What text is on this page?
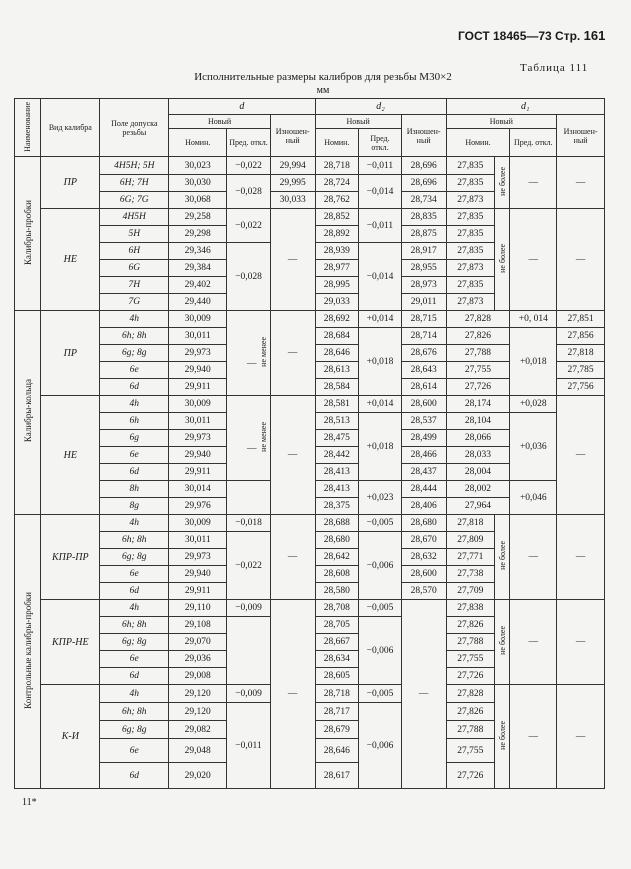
ГОСТ 18465—73 Стр. 161
Таблица 111
Исполнительные размеры калибров для резьбы М30×2
мм
Наименование	Вид калибра	Поле допуска резьбы	d			d₂			d₁			
			Новый		Изношен-ный	Новый		Изношен-ный	Новый			Изношен-ный
			Номин.	Пред. откл.		Номин.	Пред. откл.		Номин.		Пред. откл.	
Калибры-пробки	ПР	4H5H; 5H	30,023	−0,022	29,994	28,718	−0,011	28,696	27,835	не более	—	—
		6H; 7H	30,030	−0,028	29,995	28,724	−0,014	28,696	27,835			
		6G; 7G	30,068		30,033	28,762		28,734	27,873			
	НЕ	4H5H	29,258	−0,022	—	28,852	−0,011	28,835	27,835	не более	—	—
		5H	29,298			28,892		28,875	27,835			
		6H	29,346	−0,028		28,939	−0,014	28,917	27,835			
		6G	29,384			28,977		28,955	27,873			
		7H	29,402			28,995		28,973	27,835			
		7G	29,440			29,033		29,011	27,873			
Калибры-кольца	ПР	4h	30,009	— не менее	—	28,692	+0,014	28,715	27,828		+0, 014	27,851
		6h; 8h	30,011			28,684	+0,018	28,714	27,826		+0,018	27,856
		6g; 8g	29,973			28,646		28,676	27,788			27,818
		6e	29,940			28,613		28,643	27,755			27,785
		6d	29,911			28,584		28,614	27,726			27,756
	НЕ	4h	30,009	— не менее	—	28,581	+0,014	28,600	28,174		+0,028	—
		6h	30,011			28,513	+0,018	28,537	28,104		+0,036	
		6g	29,973			28,475		28,499	28,066			
		6e	29,940			28,442		28,466	28,033			
		6d	29,911			28,413		28,437	28,004			
		8h	30,014			28,413	+0,023	28,444	28,002		+0,046	
		8g	29,976			28,375		28,406	27,964			
Контрольные калибры-пробки	КПР-ПР	4h	30,009	−0,018	—	28,688	−0,005	28,680	27,818	не более	—	—
		6h; 8h	30,011	−0,022		28,680	−0,006	28,670	27,809			
		6g; 8g	29,973			28,642		28,632	27,771			
		6e	29,940			28,608		28,600	27,738			
		6d	29,911			28,580		28,570	27,709			
	КПР-НЕ	4h	29,110	−0,009	—	28,708	−0,005	—	27,838	не более	—	—
		6h; 8h	29,108			28,705	−0,006		27,826			
		6g; 8g	29,070			28,667			27,788			
		6e	29,036			28,634			27,755			
		6d	29,008			28,605			27,726			
	К-И	4h	29,120	−0,009		28,718	−0,005		27,828	не более	—	—
		6h; 8h	29,120	−0,011		28,717	−0,006		27,826			
		6g; 8g	29,082			28,679			27,788			
		6e	29,048			28,646			27,755			
		6d	29,020			28,617			27,726			
11*
